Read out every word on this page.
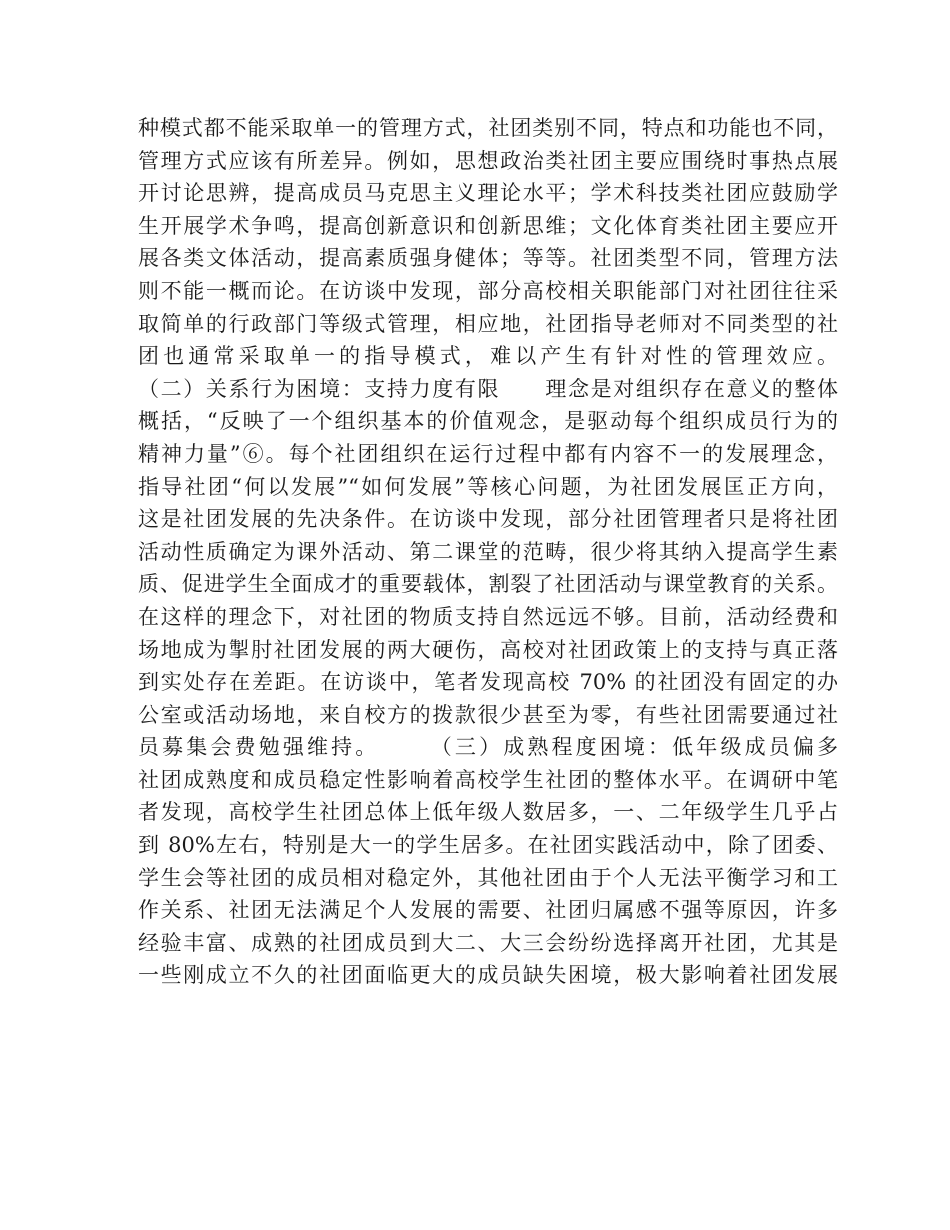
种模式都不能采取单一的管理方式，社团类别不同，特点和功能也不同，
管理方式应该有所差异。例如，思想政治类社团主要应围绕时事热点展
开讨论思辨，提高成员马克思主义理论水平；学术科技类社团应鼓励学
生开展学术争鸣，提高创新意识和创新思维；文化体育类社团主要应开
展各类文体活动，提高素质强身健体；等等。社团类型不同，管理方法
则不能一概而论。在访谈中发现，部分高校相关职能部门对社团往往采
取简单的行政部门等级式管理，相应地，社团指导老师对不同类型的社
团也通常采取单一的指导模式，难以产生有针对性的管理效应。
（二）关系行为困境：支持力度有限　　理念是对组织存在意义的整体
概括，“反映了一个组织基本的价值观念，是驱动每个组织成员行为的
精神力量”⑥。每个社团组织在运行过程中都有内容不一的发展理念，
指导社团“何以发展”“如何发展”等核心问题，为社团发展匡正方向，
这是社团发展的先决条件。在访谈中发现，部分社团管理者只是将社团
活动性质确定为课外活动、第二课堂的范畴，很少将其纳入提高学生素
质、促进学生全面成才的重要载体，割裂了社团活动与课堂教育的关系。
在这样的理念下，对社团的物质支持自然远远不够。目前，活动经费和
场地成为掣肘社团发展的两大硬伤，高校对社团政策上的支持与真正落
到实处存在差距。在访谈中，笔者发现高校 70% 的社团没有固定的办
公室或活动场地，来自校方的拨款很少甚至为零，有些社团需要通过社
员募集会费勉强维持。　　　（三）成熟程度困境：低年级成员偏多
社团成熟度和成员稳定性影响着高校学生社团的整体水平。在调研中笔
者发现，高校学生社团总体上低年级人数居多，一、二年级学生几乎占
到 80%左右，特别是大一的学生居多。在社团实践活动中，除了团委、
学生会等社团的成员相对稳定外，其他社团由于个人无法平衡学习和工
作关系、社团无法满足个人发展的需要、社团归属感不强等原因，许多
经验丰富、成熟的社团成员到大二、大三会纷纷选择离开社团，尤其是
一些刚成立不久的社团面临更大的成员缺失困境，极大影响着社团发展
